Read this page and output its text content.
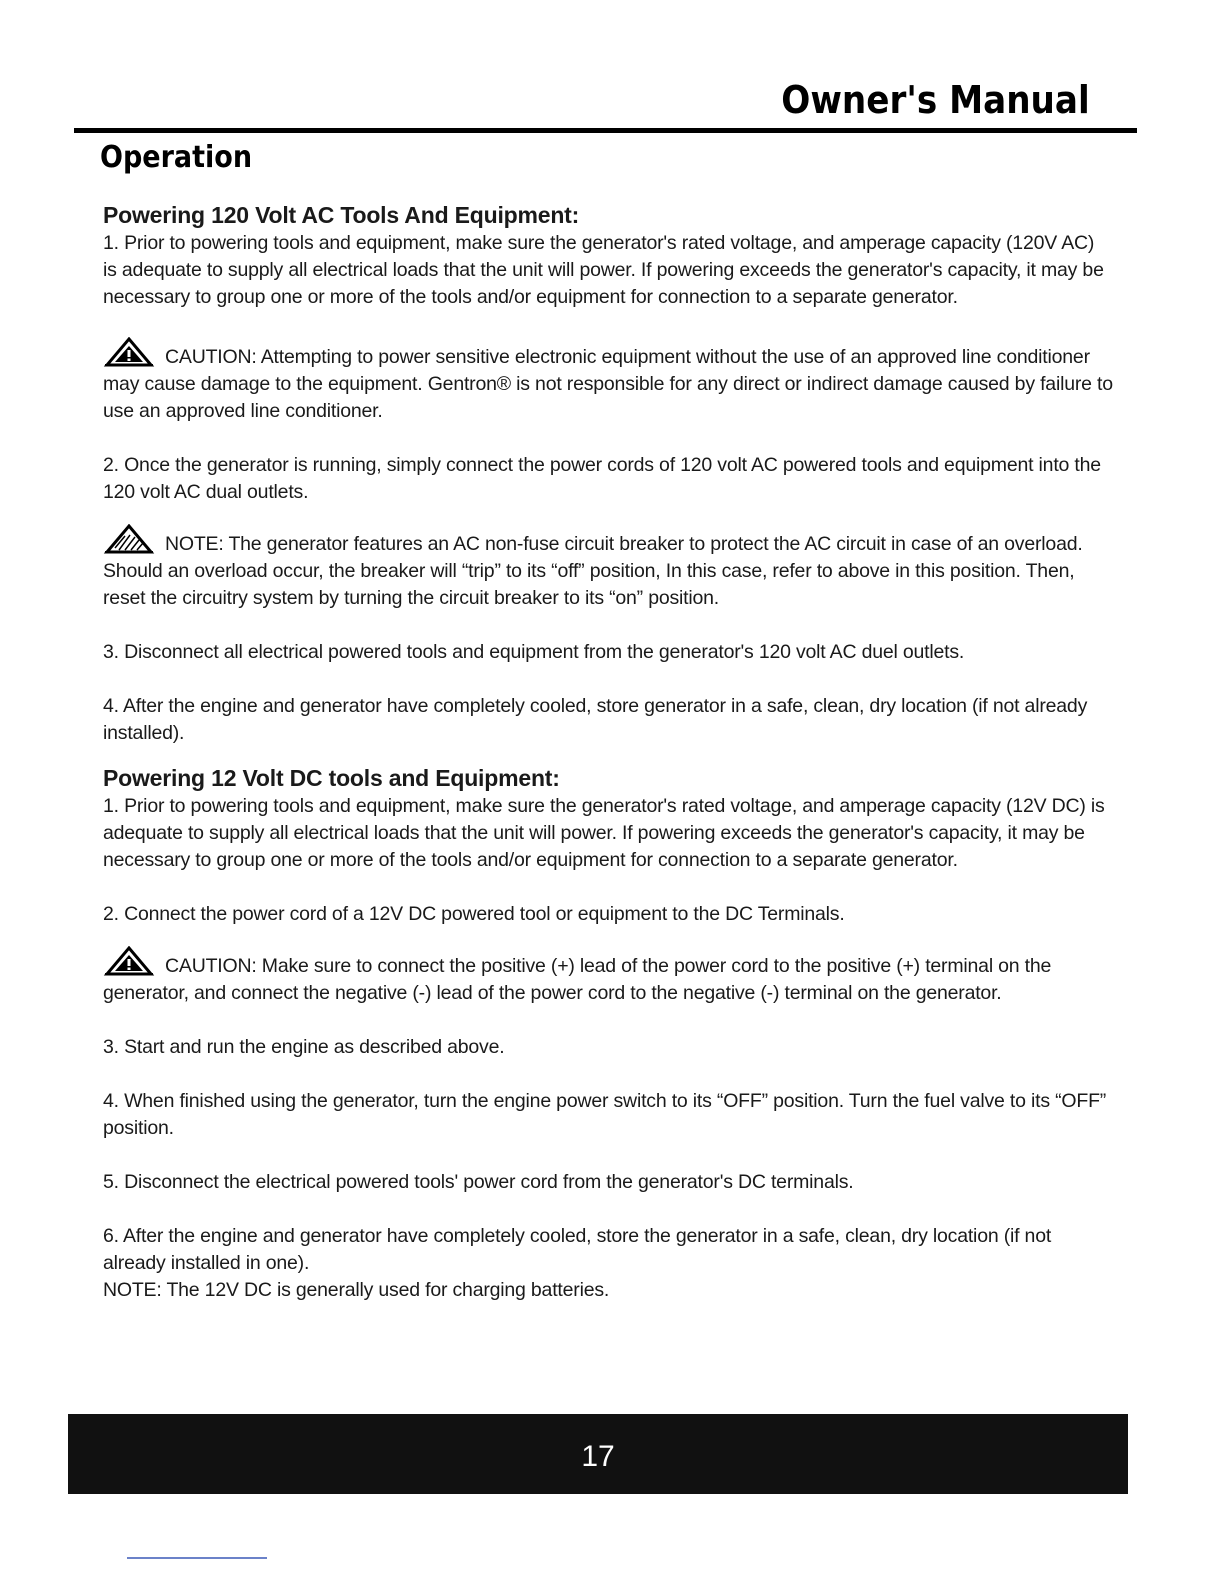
Owner's Manual
Operation

Powering 120 Volt AC Tools And Equipment:

1. Prior to powering tools and equipment, make sure the generator's rated voltage, and amperage capacity (120V AC) is adequate to supply all electrical loads that the unit will power. If powering exceeds the generator's capacity, it may be necessary to group one or more of the tools and/or equipment for connection to a separate generator.

CAUTION: Attempting to power sensitive electronic equipment without the use of an approved line conditioner may cause damage to the equipment. Gentron® is not responsible for any direct or indirect damage caused by failure to use an approved line conditioner.

2. Once the generator is running, simply connect the power cords of 120 volt AC powered tools and equipment into the 120 volt AC dual outlets.

NOTE: The generator features an AC non-fuse circuit breaker to protect the AC circuit in case of an overload. Should an overload occur, the breaker will “trip” to its “off” position, In this case, refer to above in this position. Then, reset the circuitry system by turning the circuit breaker to its “on” position.

3. Disconnect all electrical powered tools and equipment from the generator's 120 volt AC duel outlets.

4. After the engine and generator have completely cooled, store generator in a safe, clean, dry location (if not already installed).

Powering 12 Volt DC tools and Equipment:

1. Prior to powering tools and equipment, make sure the generator's rated voltage, and amperage capacity (12V DC) is adequate to supply all electrical loads that the unit will power. If powering exceeds the generator's capacity, it may be necessary to group one or more of the tools and/or equipment for connection to a separate generator.

2. Connect the power cord of a 12V DC powered tool or equipment to the DC Terminals.

CAUTION: Make sure to connect the positive (+) lead of the power cord to the positive (+) terminal on the generator, and connect the negative (-) lead of the power cord to the negative (-) terminal on the generator.

3. Start and run the engine as described above.

4. When finished using the generator, turn the engine power switch to its “OFF” position. Turn the fuel valve to its “OFF” position.

5. Disconnect the electrical powered tools' power cord from the generator's DC terminals.

6. After the engine and generator have completely cooled, store the generator in a safe, clean, dry location (if not already installed in one).

NOTE: The 12V DC is generally used for charging batteries.

17
